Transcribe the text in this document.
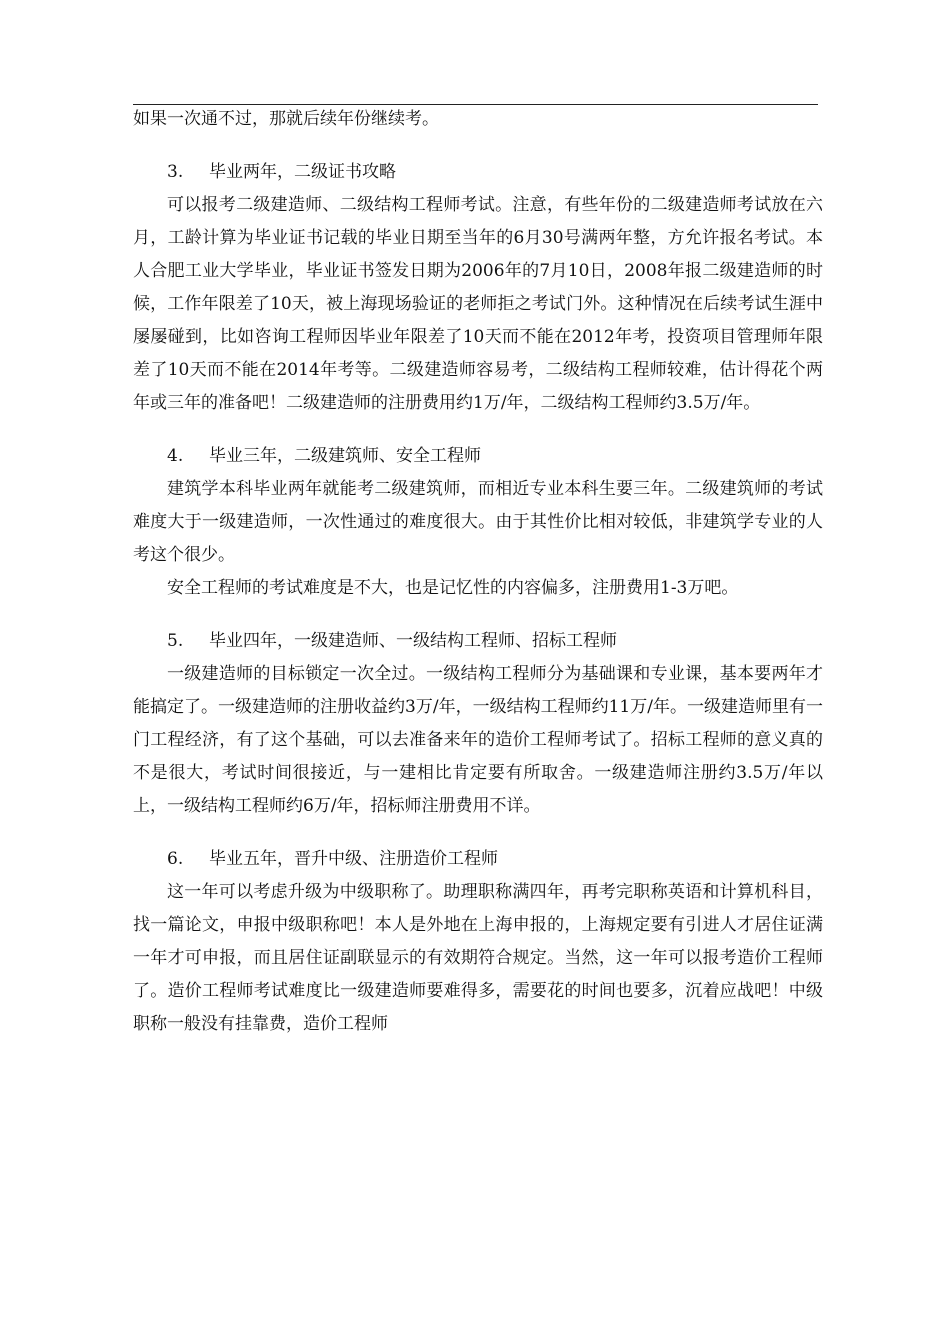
如果一次通不过，那就后续年份继续考。

3. 毕业两年，二级证书攻略

可以报考二级建造师、二级结构工程师考试。注意，有些年份的二级建造师考试放在六月，工龄计算为毕业证书记载的毕业日期至当年的6月30号满两年整，方允许报名考试。本人合肥工业大学毕业，毕业证书签发日期为2006年的7月10日，2008年报二级建造师的时候，工作年限差了10天，被上海现场验证的老师拒之考试门外。这种情况在后续考试生涯中屡屡碰到，比如咨询工程师因毕业年限差了10天而不能在2012年考，投资项目管理师年限差了10天而不能在2014年考等。二级建造师容易考，二级结构工程师较难，估计得花个两年或三年的准备吧！二级建造师的注册费用约1万/年，二级结构工程师约3.5万/年。

4. 毕业三年，二级建筑师、安全工程师

建筑学本科毕业两年就能考二级建筑师，而相近专业本科生要三年。二级建筑师的考试难度大于一级建造师，一次性通过的难度很大。由于其性价比相对较低，非建筑学专业的人考这个很少。

安全工程师的考试难度是不大，也是记忆性的内容偏多，注册费用1-3万吧。

5. 毕业四年，一级建造师、一级结构工程师、招标工程师

一级建造师的目标锁定一次全过。一级结构工程师分为基础课和专业课，基本要两年才能搞定了。一级建造师的注册收益约3万/年，一级结构工程师约11万/年。一级建造师里有一门工程经济，有了这个基础，可以去准备来年的造价工程师考试了。招标工程师的意义真的不是很大，考试时间很接近，与一建相比肯定要有所取舍。一级建造师注册约3.5万/年以上，一级结构工程师约6万/年，招标师注册费用不详。

6. 毕业五年，晋升中级、注册造价工程师

这一年可以考虑升级为中级职称了。助理职称满四年，再考完职称英语和计算机科目，找一篇论文，申报中级职称吧！本人是外地在上海申报的，上海规定要有引进人才居住证满一年才可申报，而且居住证副联显示的有效期符合规定。当然，这一年可以报考造价工程师了。造价工程师考试难度比一级建造师要难得多，需要花的时间也要多，沉着应战吧！中级职称一般没有挂靠费，造价工程师
